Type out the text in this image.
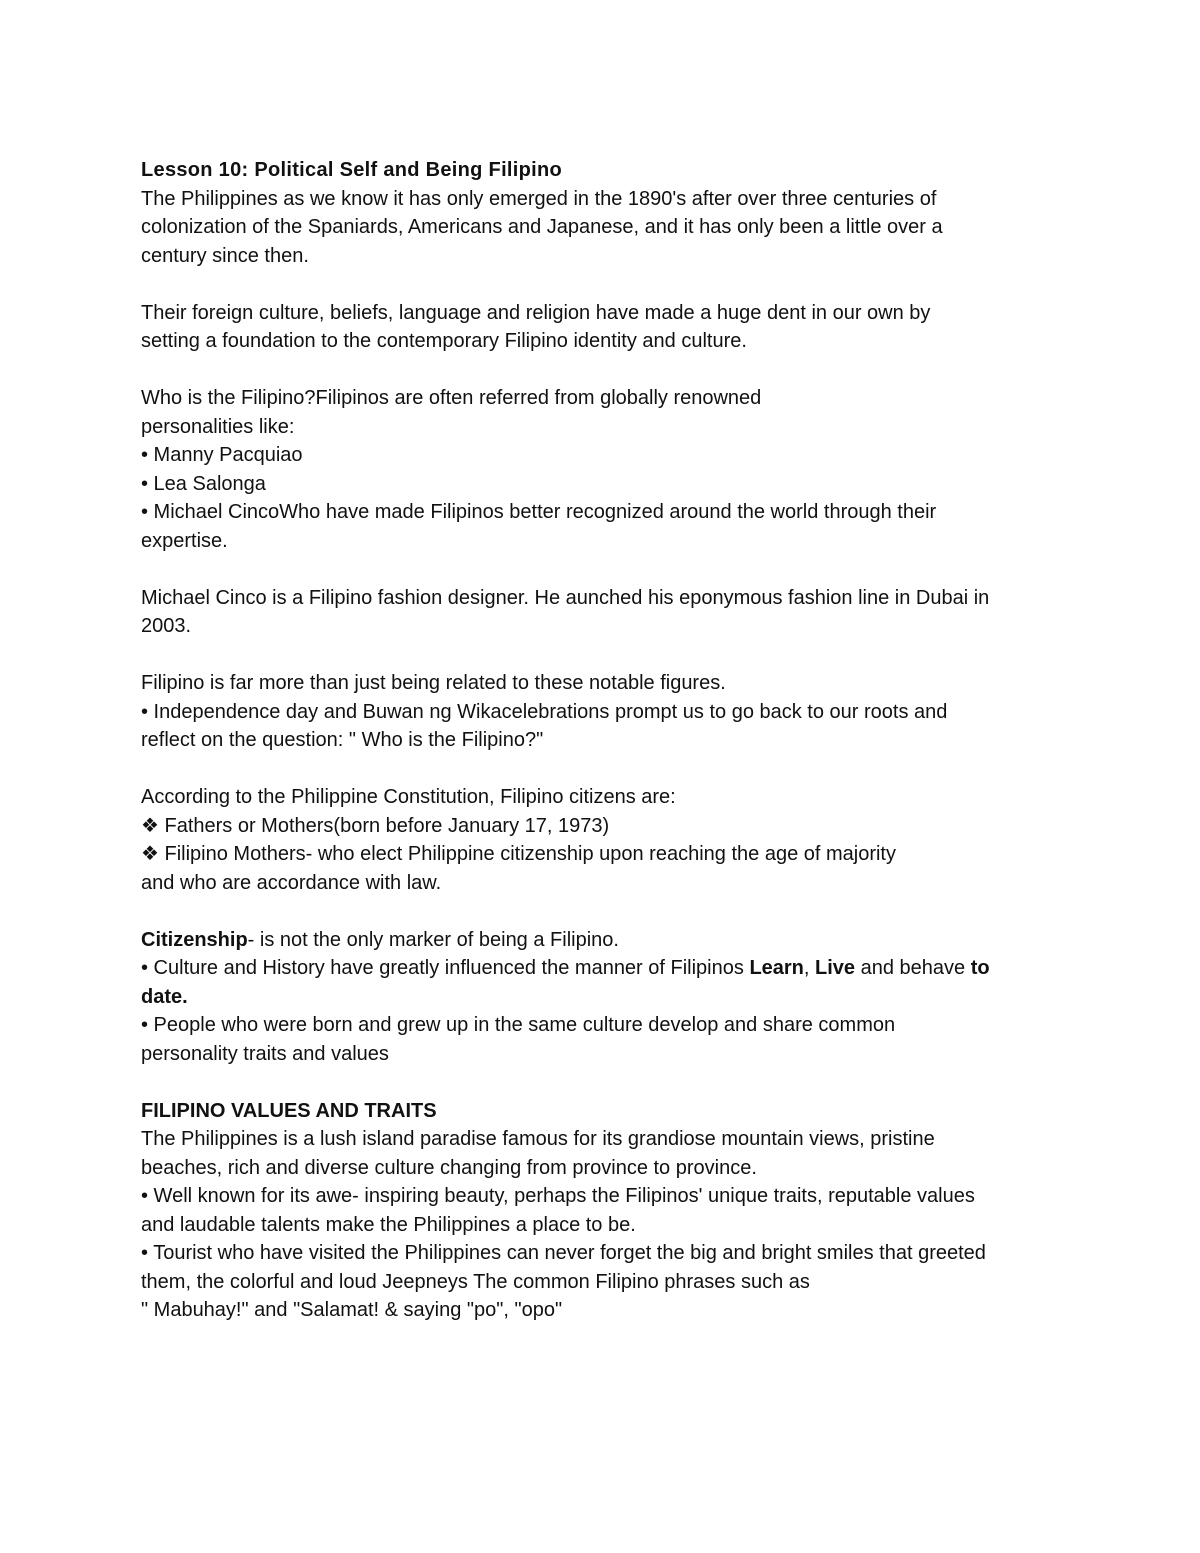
Lesson 10: Political Self and Being Filipino
The Philippines as we know it has only emerged in the 1890's after over three centuries of
colonization of the Spaniards, Americans and Japanese, and it has only been a little over a
century since then.
Their foreign culture, beliefs, language and religion have made a huge dent in our own by
setting a foundation to the contemporary Filipino identity and culture.
Who is the Filipino?Filipinos are often referred from globally renowned
personalities like:
• Manny Pacquiao
• Lea Salonga
• Michael CincoWho have made Filipinos better recognized around the world through their
expertise.
Michael Cinco is a Filipino fashion designer. He aunched his eponymous fashion line in Dubai in
2003.
Filipino is far more than just being related to these notable figures.
• Independence day and Buwan ng Wikacelebrations prompt us to go back to our roots and
reflect on the question: " Who is the Filipino?"
According to the Philippine Constitution, Filipino citizens are:
❖ Fathers or Mothers(born before January 17, 1973)
❖ Filipino Mothers- who elect Philippine citizenship upon reaching the age of majority
and who are accordance with law.
Citizenship- is not the only marker of being a Filipino.
• Culture and History have greatly influenced the manner of Filipinos Learn, Live and behave to
date.
• People who were born and grew up in the same culture develop and share common
personality traits and values
FILIPINO VALUES AND TRAITS
The Philippines is a lush island paradise famous for its grandiose mountain views, pristine
beaches, rich and diverse culture changing from province to province.
• Well known for its awe- inspiring beauty, perhaps the Filipinos' unique traits, reputable values
and laudable talents make the Philippines a place to be.
• Tourist who have visited the Philippines can never forget the big and bright smiles that greeted
them, the colorful and loud Jeepneys The common Filipino phrases such as
" Mabuhay!" and "Salamat! & saying "po", "opo"
